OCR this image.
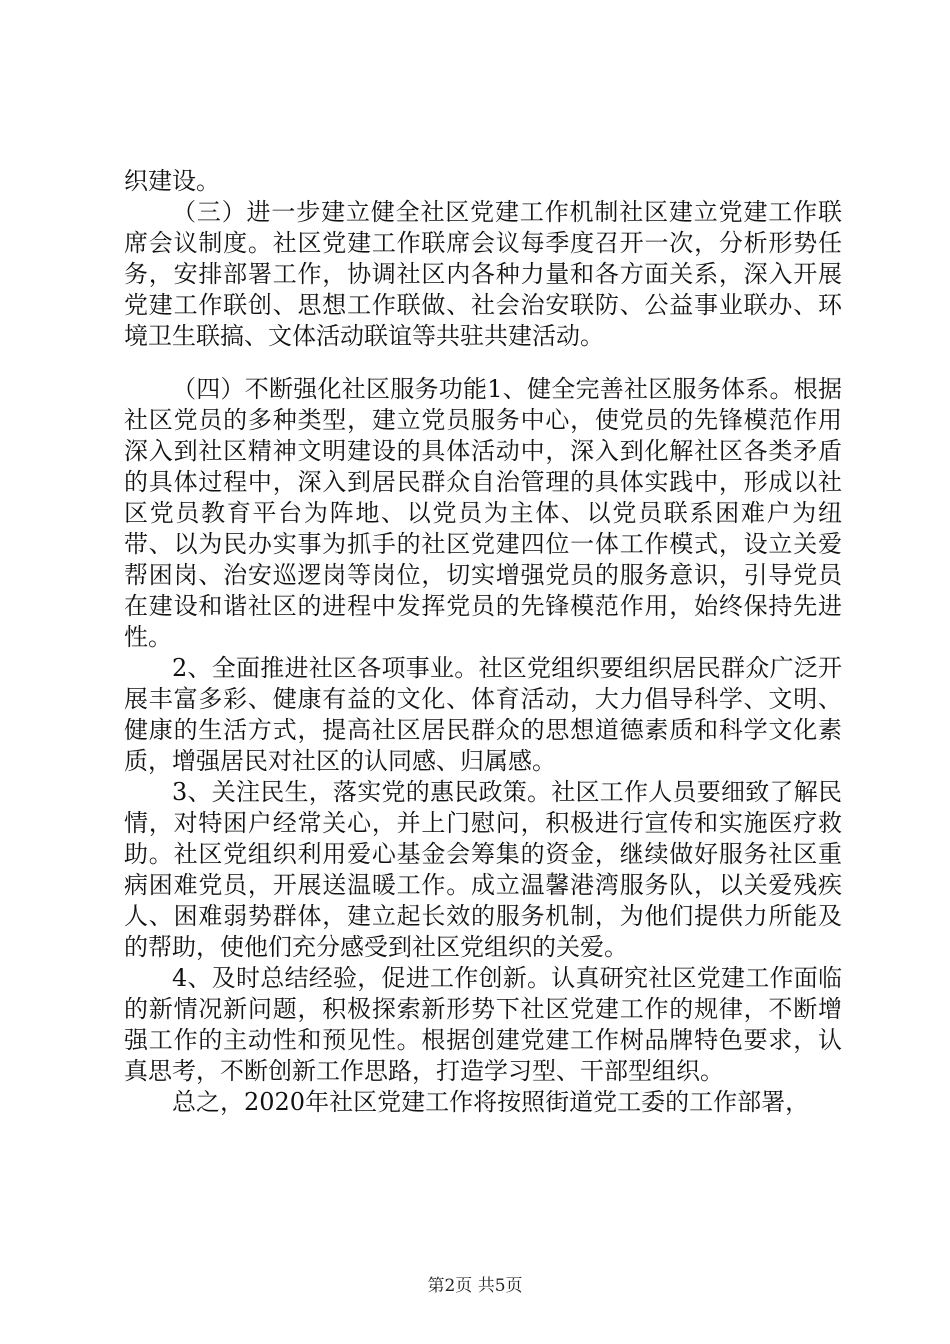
织建设。

（三）进一步建立健全社区党建工作机制社区建立党建工作联席会议制度。社区党建工作联席会议每季度召开一次，分析形势任务，安排部署工作，协调社区内各种力量和各方面关系，深入开展党建工作联创、思想工作联做、社会治安联防、公益事业联办、环境卫生联搞、文体活动联谊等共驻共建活动。

（四）不断强化社区服务功能1、健全完善社区服务体系。根据社区党员的多种类型，建立党员服务中心，使党员的先锋模范作用深入到社区精神文明建设的具体活动中，深入到化解社区各类矛盾的具体过程中，深入到居民群众自治管理的具体实践中，形成以社区党员教育平台为阵地、以党员为主体、以党员联系困难户为纽带、以为民办实事为抓手的社区党建四位一体工作模式，设立关爱帮困岗、治安巡逻岗等岗位，切实增强党员的服务意识，引导党员在建设和谐社区的进程中发挥党员的先锋模范作用，始终保持先进性。

2、全面推进社区各项事业。社区党组织要组织居民群众广泛开展丰富多彩、健康有益的文化、体育活动，大力倡导科学、文明、健康的生活方式，提高社区居民群众的思想道德素质和科学文化素质，增强居民对社区的认同感、归属感。

3、关注民生，落实党的惠民政策。社区工作人员要细致了解民情，对特困户经常关心，并上门慰问，积极进行宣传和实施医疗救助。社区党组织利用爱心基金会筹集的资金，继续做好服务社区重病困难党员，开展送温暖工作。成立温馨港湾服务队，以关爱残疾人、困难弱势群体，建立起长效的服务机制，为他们提供力所能及的帮助，使他们充分感受到社区党组织的关爱。

4、及时总结经验，促进工作创新。认真研究社区党建工作面临的新情况新问题，积极探索新形势下社区党建工作的规律，不断增强工作的主动性和预见性。根据创建党建工作树品牌特色要求，认真思考，不断创新工作思路，打造学习型、干部型组织。

总之，2020年社区党建工作将按照街道党工委的工作部署，

第2页 共5页
